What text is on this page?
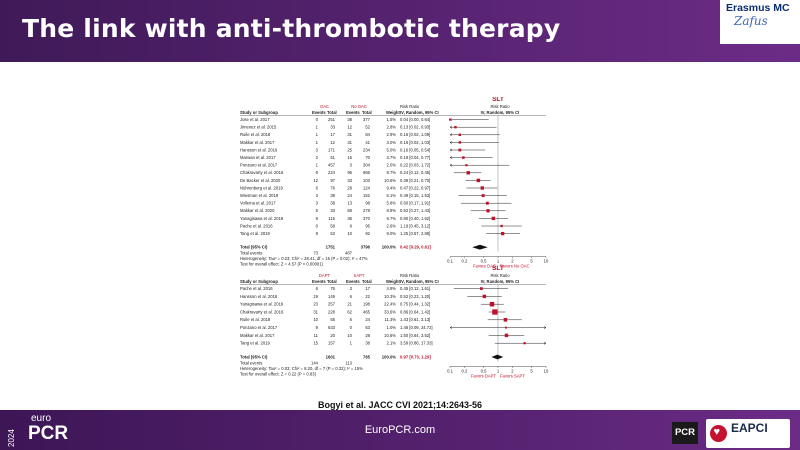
The link with anti-thrombotic therapy
Erasmus MC
Zafus
SLT
OAC	No OAC	Risk Ratio	Risk Ratio
Study or Subgroup	Events Total Events Total	Weight IV, Random, 95% CI	IV, Random, 95% CI
Jose et al. 2017	0 251	38	377	1.5% 0.04 [0.00, 0.64]
Jimenez et al. 2015	1	33	12	52	2.8% 0.13 [0.02, 0.93]
Ruile et al. 2018	1	17	31	84	2.9% 0.16 [0.02, 1.09]
Makkar et al. 2017	1	12	31	41	3.0% 0.16 [0.02, 1.03]
Hansson et al. 2016	3 171	25	234	5.0% 0.16 [0.05, 0.54]
Marwan et al. 2017	2	51	16	70	3.7% 0.19 [0.04, 0.77]
Ponzano et al. 2017	1 457	3	304	2.0% 0.22 [0.03, 1.72]
Chakravarty et al. 2016	6 224	96	966	9.7% 0.24 [0.12, 0.45]
De Backer et al. 2020	12	97	33	103	10.6% 0.39 [0.21, 0.70]
Nührenberg et al. 2019	6	76	28	124	9.4% 0.47 [0.22, 0.97]
Wiesman et al. 2019	3	39	24	152	6.1% 0.49 [0.15, 1.53]
Vollema et al. 2017	3	38	13	98	5.8% 0.60 [0.17, 1.91]
Makkar et al. 2020	5	33	68	278	8.8% 0.62 [0.27, 1.43]
Yanagisawa et al. 2019	9 115	36	370	9.7% 0.80 [0.40, 1.62]
Pache et al. 2016	0	58	9	95	2.6% 1.19 [0.45, 3.12]
Tang et al. 2019	9	53	10	92	9.0% 1.25 [0.57, 2.88]
Total (95% CI)	1751	3796	100.0% 0.42 [0.29, 0.61]
Total events	73	487
Heterogeneity: Tau² = 0.23; Chi² = 28.41, df = 15 (P = 0.02); I² = 47%
Test for overall effect: Z = 4.57 (P < 0.00001)
0.1 0.2	0.5 1	2	5	10
Favors OAC Favors No OAC
SLT
DAPT	SAPT	Risk Ratio	Risk Ratio
Study or Subgroup	Events Total Events Total	Weight IV, Random, 95% CI	IV, Random, 95% CI
Pache et al. 2016	6	76	3	17	4.9% 0.45 [0.12, 1.61]
Hansson et al. 2016	19 149	6	22	10.3% 0.52 [0.23, 1.20]
Yanagisawa et al. 2019	23 257	21	198	22.4% 0.75 [0.44, 1.32]
Chakravarty et al. 2016	31 228	62	465	33.6% 0.86 [0.64, 1.42]
Ruile et al. 2018	10	55	6	24	11.3% 1.43 [0.61, 3.13]
Ponzano et al. 2017	9 633	0	63	1.0% 1.46 [0.09, 24.72]
Makkar et al. 2017	11	20	10	28	10.6% 1.50 [0.64, 3.52]
Tang et al. 2019	15 157	1	38	2.1% 3.59 [0.86, 17.33]
Total (95% CI)	1601	765	100.0% 0.97 [0.73, 1.29]
Total events	144	113
Heterogeneity: Tau² = 0.03; Chi² = 8.20, df = 7 (P = 0.32); I² = 15%
Test for overall effect: Z = 0.22 (P = 0.83)
0.1 0.2	0.5 1	2	5	10
Favors DAPT Favors SAPT
Bogyi et al. JACC CVI 2021;14:2643-56
2024
euro
PCR	EuroPCR.com	PCR ♥ EAPCI
